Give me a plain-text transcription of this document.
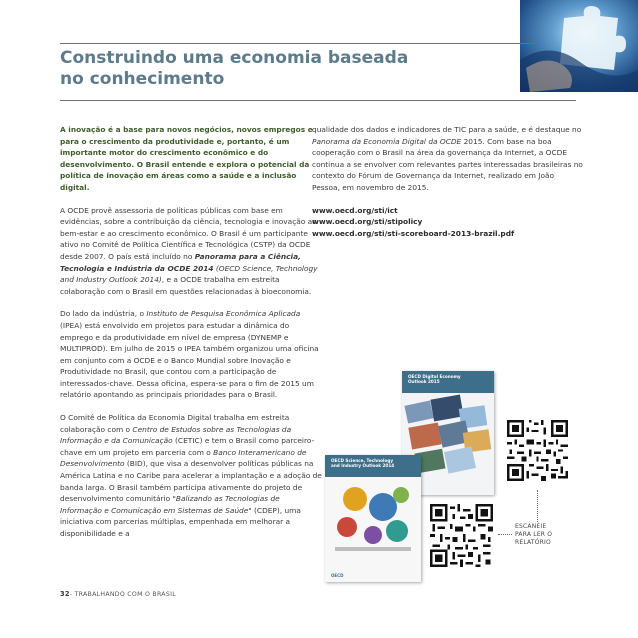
Construindo uma economia baseada
no conhecimento

A inovação é a base para novos negócios, novos empregos e para o crescimento da produtividade e, portanto, é um importante motor do crescimento econômico e do desenvolvimento. O Brasil entende e explora o potencial da política de inovação em áreas como a saúde e a inclusão digital.

A OCDE provê assessoria de políticas públicas com base em evidências, sobre a contribuição da ciência, tecnologia e inovação ao bem-estar e ao crescimento econômico. O Brasil é um participante ativo no Comitê de Política Científica e Tecnológica (CSTP) da OCDE desde 2007. O país está incluído no Panorama para a Ciência, Tecnologia e Indústria da OCDE 2014 (OECD Science, Technology and Industry Outlook 2014), e a OCDE trabalha em estreita colaboração com o Brasil em questões relacionadas à bioeconomia.

Do lado da indústria, o Instituto de Pesquisa Econômica Aplicada (IPEA) está envolvido em projetos para estudar a dinâmica do emprego e da produtividade em nível de empresa (DYNEMP e MULTIPROD). Em julho de 2015 o IPEA também organizou uma oficina em conjunto com a OCDE e o Banco Mundial sobre Inovação e Produtividade no Brasil, que contou com a participação de interessados-chave. Dessa oficina, espera-se para o fim de 2015 um relatório apontando as principais prioridades para o Brasil.

O Comitê de Política da Economia Digital trabalha em estreita colaboração com o Centro de Estudos sobre as Tecnologias da Informação e da Comunicação (CETIC) e tem o Brasil como parceiro-chave em um projeto em parceria com o Banco Interamericano de Desenvolvimento (BID), que visa a desenvolver políticas públicas na América Latina e no Caribe para acelerar a implantação e a adoção de banda larga. O Brasil também participa ativamente do projeto de desenvolvimento comunitário "Balizando as Tecnologias de Informação e Comunicação em Sistemas de Saúde" (CDEP), uma iniciativa com parcerias múltiplas, empenhada em melhorar a disponibilidade e a

qualidade dos dados e indicadores de TIC para a saúde, e é destaque no Panorama da Economia Digital da OCDE 2015. Com base na boa cooperação com o Brasil na área da governança da Internet, a OCDE continua a se envolver com relevantes partes interessadas brasileiras no contexto do Fórum de Governança da Internet, realizado em João Pessoa, em novembro de 2015.

www.oecd.org/sti/ict
www.oecd.org/sti/stipolicy
www.oecd.org/sti/sti-scoreboard-2013-brazil.pdf
OECD Digital Economy
Outlook 2015
OECD Science, Technology
and Industry Outlook 2014
OECD
ESCANEIE
PARA LER O
RELATÓRIO
32- TRABALHANDO COM O BRASIL
